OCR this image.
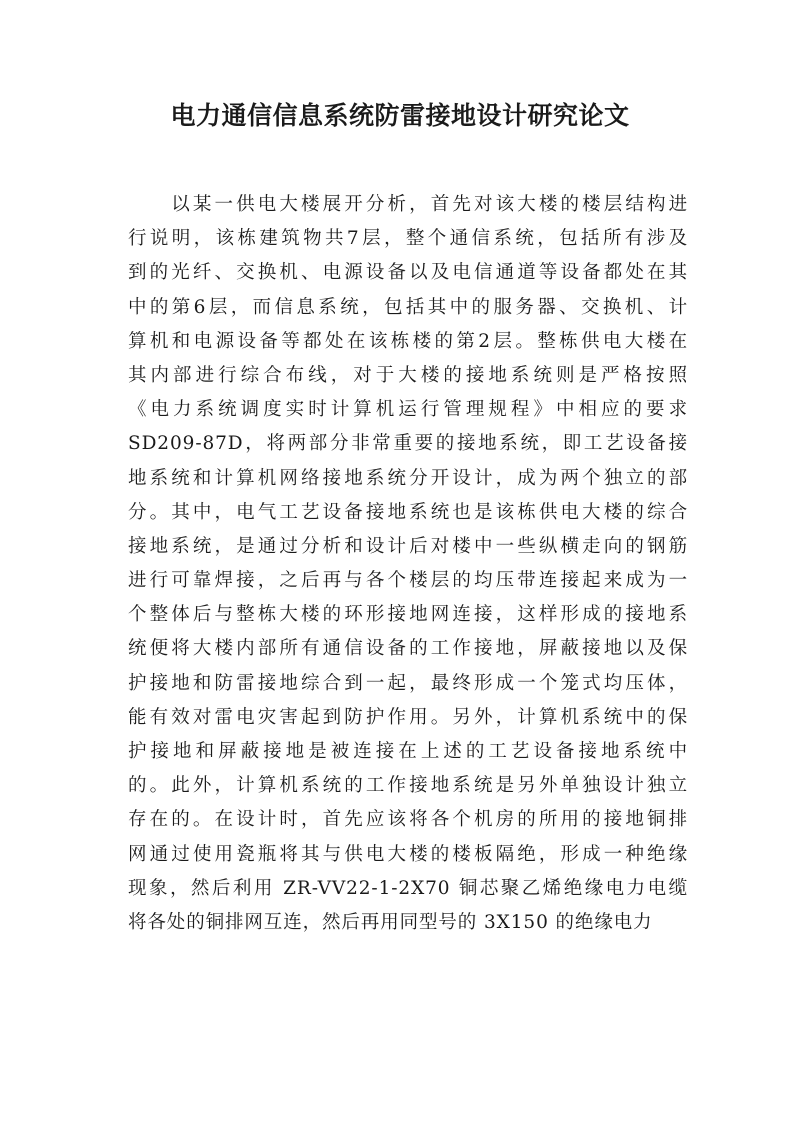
电力通信信息系统防雷接地设计研究论文
　　以某一供电大楼展开分析，首先对该大楼的楼层结构进
行说明，该栋建筑物共7层，整个通信系统，包括所有涉及
到的光纤、交换机、电源设备以及电信通道等设备都处在其
中的第6层，而信息系统，包括其中的服务器、交换机、计
算机和电源设备等都处在该栋楼的第2层。整栋供电大楼在
其内部进行综合布线，对于大楼的接地系统则是严格按照
《电力系统调度实时计算机运行管理规程》中相应的要求
SD209-87D，将两部分非常重要的接地系统，即工艺设备接
地系统和计算机网络接地系统分开设计，成为两个独立的部
分。其中，电气工艺设备接地系统也是该栋供电大楼的综合
接地系统，是通过分析和设计后对楼中一些纵横走向的钢筋
进行可靠焊接，之后再与各个楼层的均压带连接起来成为一
个整体后与整栋大楼的环形接地网连接，这样形成的接地系
统便将大楼内部所有通信设备的工作接地，屏蔽接地以及保
护接地和防雷接地综合到一起，最终形成一个笼式均压体，
能有效对雷电灾害起到防护作用。另外，计算机系统中的保
护接地和屏蔽接地是被连接在上述的工艺设备接地系统中
的。此外，计算机系统的工作接地系统是另外单独设计独立
存在的。在设计时，首先应该将各个机房的所用的接地铜排
网通过使用瓷瓶将其与供电大楼的楼板隔绝，形成一种绝缘
现象，然后利用 ZR-VV22-1-2X70 铜芯聚乙烯绝缘电力电缆
将各处的铜排网互连，然后再用同型号的 3X150 的绝缘电力
